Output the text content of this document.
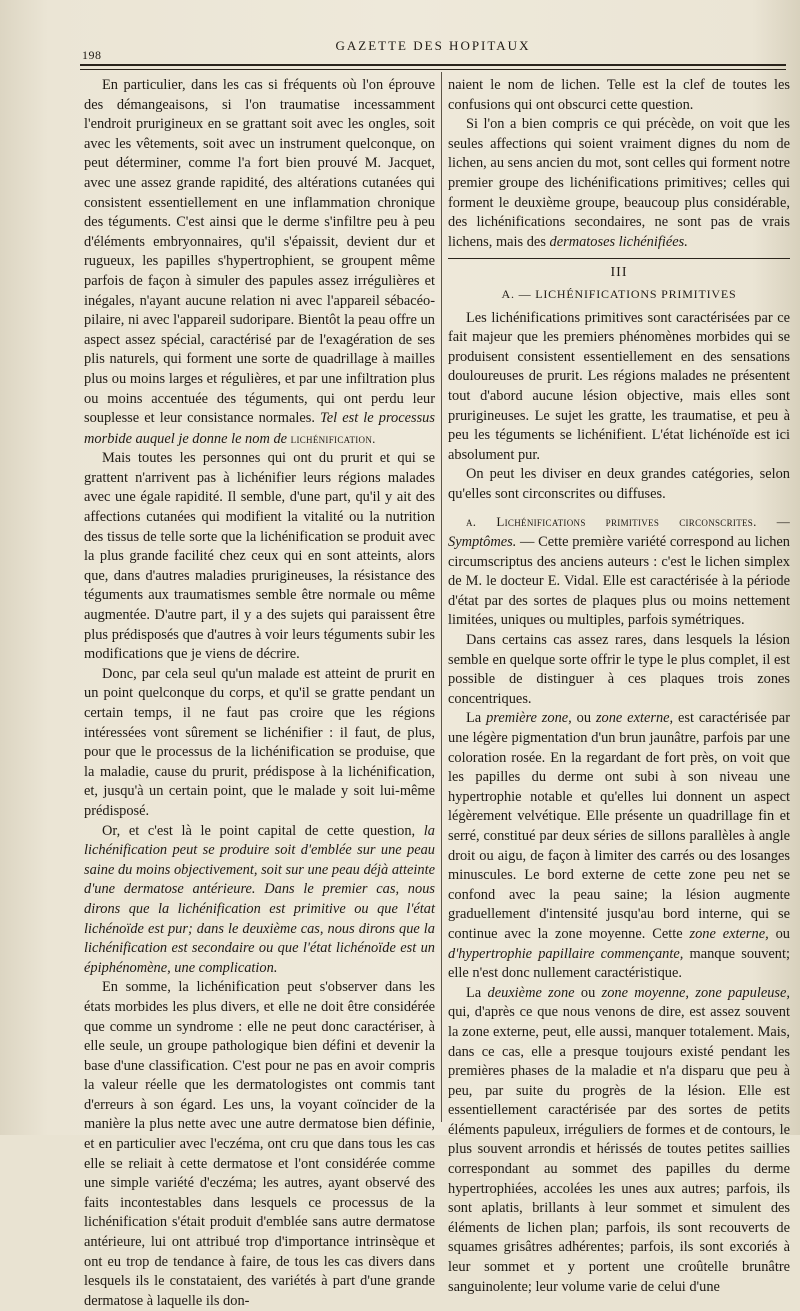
198
GAZETTE DES HOPITAUX

En particulier, dans les cas si fréquents où l'on éprouve des démangeaisons, si l'on traumatise incessamment l'endroit prurigineux en se grattant soit avec les ongles, soit avec les vêtements, soit avec un instrument quelconque, on peut déterminer, comme l'a fort bien prouvé M. Jacquet, avec une assez grande rapidité, des altérations cutanées qui consistent essentiellement en une inflammation chronique des téguments. C'est ainsi que le derme s'infiltre peu à peu d'éléments embryonnaires, qu'il s'épaissit, devient dur et rugueux, les papilles s'hypertrophient, se groupent même parfois de façon à simuler des papules assez irrégulières et inégales, n'ayant aucune relation ni avec l'appareil sébacéo-pilaire, ni avec l'appareil sudoripare. Bientôt la peau offre un aspect assez spécial, caractérisé par de l'exagération de ses plis naturels, qui forment une sorte de quadrillage à mailles plus ou moins larges et régulières, et par une infiltration plus ou moins accentuée des téguments, qui ont perdu leur souplesse et leur consistance normales. Tel est le processus morbide auquel je donne le nom de lichénification.

Mais toutes les personnes qui ont du prurit et qui se grattent n'arrivent pas à lichénifier leurs régions malades avec une égale rapidité. Il semble, d'une part, qu'il y ait des affections cutanées qui modifient la vitalité ou la nutrition des tissus de telle sorte que la lichénification se produit avec la plus grande facilité chez ceux qui en sont atteints, alors que, dans d'autres maladies prurigineuses, la résistance des téguments aux traumatismes semble être normale ou même augmentée. D'autre part, il y a des sujets qui paraissent être plus prédisposés que d'autres à voir leurs téguments subir les modifications que je viens de décrire.

Donc, par cela seul qu'un malade est atteint de prurit en un point quelconque du corps, et qu'il se gratte pendant un certain temps, il ne faut pas croire que les régions intéressées vont sûrement se lichénifier : il faut, de plus, pour que le processus de la lichénification se produise, que la maladie, cause du prurit, prédispose à la lichénification, et, jusqu'à un certain point, que le malade y soit lui-même prédisposé.

Or, et c'est là le point capital de cette question, la lichénification peut se produire soit d'emblée sur une peau saine du moins objectivement, soit sur une peau déjà atteinte d'une dermatose antérieure. Dans le premier cas, nous dirons que la lichénification est primitive ou que l'état lichénoïde est pur; dans le deuxième cas, nous dirons que la lichénification est secondaire ou que l'état lichénoïde est un épiphénomène, une complication.

En somme, la lichénification peut s'observer dans les états morbides les plus divers, et elle ne doit être considérée que comme un syndrome : elle ne peut donc caractériser, à elle seule, un groupe pathologique bien défini et devenir la base d'une classification. C'est pour ne pas en avoir compris la valeur réelle que les dermatologistes ont commis tant d'erreurs à son égard. Les uns, la voyant coïncider de la manière la plus nette avec une autre dermatose bien définie, et en particulier avec l'eczéma, ont cru que dans tous les cas elle se reliait à cette dermatose et l'ont considérée comme une simple variété d'eczéma; les autres, ayant observé des faits incontestables dans lesquels ce processus de la lichénification s'était produit d'emblée sans autre dermatose antérieure, lui ont attribué trop d'importance intrinsèque et ont eu trop de tendance à faire, de tous les cas divers dans lesquels ils le constataient, des variétés à part d'une grande dermatose à laquelle ils don-

naient le nom de lichen. Telle est la clef de toutes les confusions qui ont obscurci cette question.

Si l'on a bien compris ce qui précède, on voit que les seules affections qui soient vraiment dignes du nom de lichen, au sens ancien du mot, sont celles qui forment notre premier groupe des lichénifications primitives; celles qui forment le deuxième groupe, beaucoup plus considérable, des lichénifications secondaires, ne sont pas de vrais lichens, mais des dermatoses lichénifiées.

III
A. — LICHÉNIFICATIONS PRIMITIVES

Les lichénifications primitives sont caractérisées par ce fait majeur que les premiers phénomènes morbides qui se produisent consistent essentiellement en des sensations douloureuses de prurit. Les régions malades ne présentent tout d'abord aucune lésion objective, mais elles sont prurigineuses. Le sujet les gratte, les traumatise, et peu à peu les téguments se lichénifient. L'état lichénoïde est ici absolument pur.

On peut les diviser en deux grandes catégories, selon qu'elles sont circonscrites ou diffuses.

a. Lichénifications primitives circonscrites. — Symptômes. — Cette première variété correspond au lichen circumscriptus des anciens auteurs : c'est le lichen simplex de M. le docteur E. Vidal. Elle est caractérisée à la période d'état par des sortes de plaques plus ou moins nettement limitées, uniques ou multiples, parfois symétriques.

Dans certains cas assez rares, dans lesquels la lésion semble en quelque sorte offrir le type le plus complet, il est possible de distinguer à ces plaques trois zones concentriques.

La première zone, ou zone externe, est caractérisée par une légère pigmentation d'un brun jaunâtre, parfois par une coloration rosée. En la regardant de fort près, on voit que les papilles du derme ont subi à son niveau une hypertrophie notable et qu'elles lui donnent un aspect légèrement velvétique. Elle présente un quadrillage fin et serré, constitué par deux séries de sillons parallèles à angle droit ou aigu, de façon à limiter des carrés ou des losanges minuscules. Le bord externe de cette zone peu net se confond avec la peau saine; la lésion augmente graduellement d'intensité jusqu'au bord interne, qui se continue avec la zone moyenne. Cette zone externe, ou d'hypertrophie papillaire commençante, manque souvent; elle n'est donc nullement caractéristique.

La deuxième zone ou zone moyenne, zone papuleuse, qui, d'après ce que nous venons de dire, est assez souvent la zone externe, peut, elle aussi, manquer totalement. Mais, dans ce cas, elle a presque toujours existé pendant les premières phases de la maladie et n'a disparu que peu à peu, par suite du progrès de la lésion. Elle est essentiellement caractérisée par des sortes de petits éléments papuleux, irréguliers de formes et de contours, le plus souvent arrondis et hérissés de toutes petites saillies correspondant au sommet des papilles du derme hypertrophiées, accolées les unes aux autres; parfois, ils sont aplatis, brillants à leur sommet et simulent des éléments de lichen plan; parfois, ils sont recouverts de squames grisâtres adhérentes; parfois, ils sont excoriés à leur sommet et y portent une croûtelle brunâtre sanguinolente; leur volume varie de celui d'une
